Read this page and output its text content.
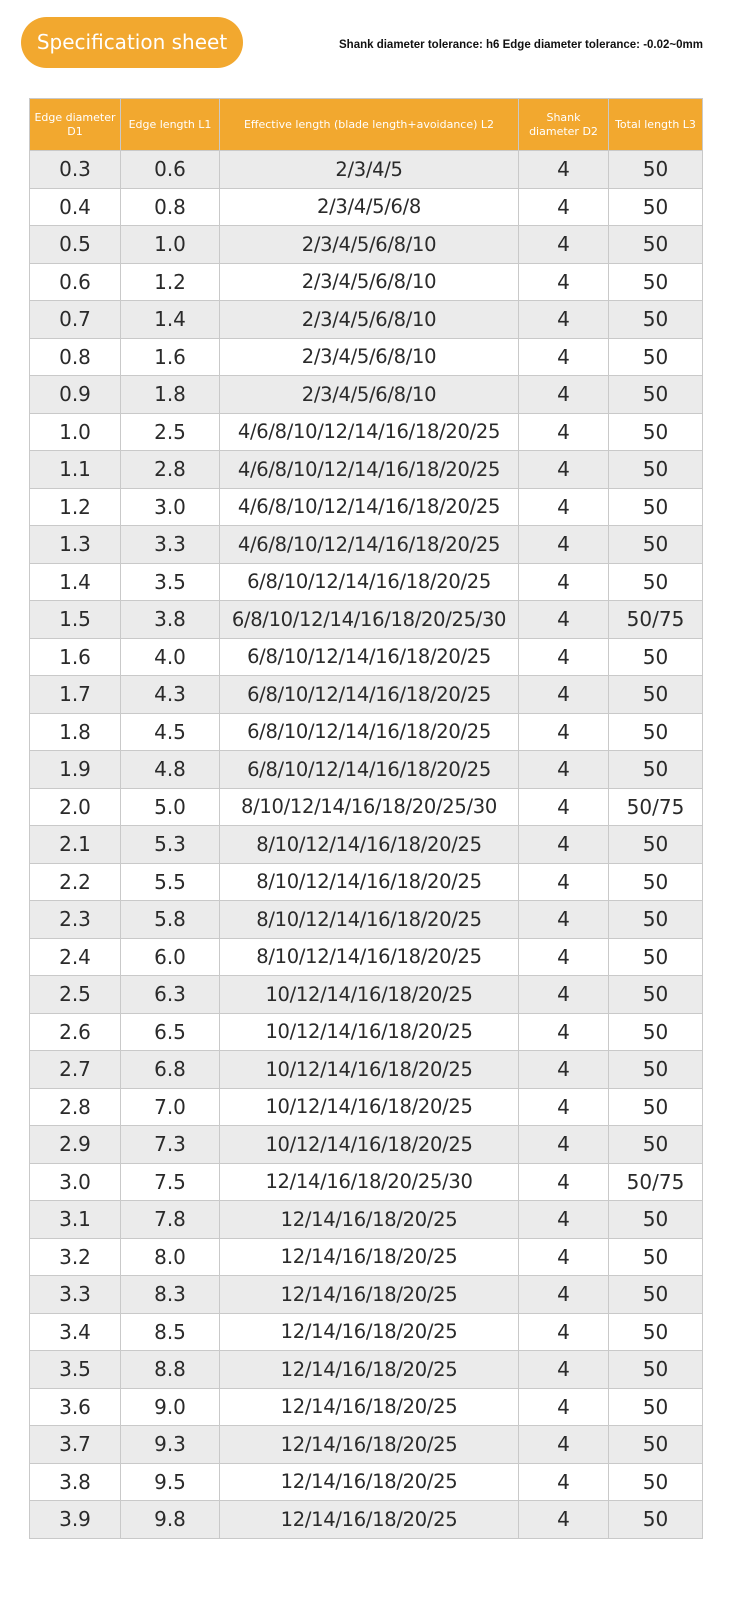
Specification sheet	Shank diameter tolerance: h6 Edge diameter tolerance: -0.02~0mm
Edge diameter D1	Edge length L1	Effective length (blade length+avoidance) L2	Shank diameter D2	Total length L3
0.3	0.6	2/3/4/5	4	50
0.4	0.8	2/3/4/5/6/8	4	50
0.5	1.0	2/3/4/5/6/8/10	4	50
0.6	1.2	2/3/4/5/6/8/10	4	50
0.7	1.4	2/3/4/5/6/8/10	4	50
0.8	1.6	2/3/4/5/6/8/10	4	50
0.9	1.8	2/3/4/5/6/8/10	4	50
1.0	2.5	4/6/8/10/12/14/16/18/20/25	4	50
1.1	2.8	4/6/8/10/12/14/16/18/20/25	4	50
1.2	3.0	4/6/8/10/12/14/16/18/20/25	4	50
1.3	3.3	4/6/8/10/12/14/16/18/20/25	4	50
1.4	3.5	6/8/10/12/14/16/18/20/25	4	50
1.5	3.8	6/8/10/12/14/16/18/20/25/30	4	50/75
1.6	4.0	6/8/10/12/14/16/18/20/25	4	50
1.7	4.3	6/8/10/12/14/16/18/20/25	4	50
1.8	4.5	6/8/10/12/14/16/18/20/25	4	50
1.9	4.8	6/8/10/12/14/16/18/20/25	4	50
2.0	5.0	8/10/12/14/16/18/20/25/30	4	50/75
2.1	5.3	8/10/12/14/16/18/20/25	4	50
2.2	5.5	8/10/12/14/16/18/20/25	4	50
2.3	5.8	8/10/12/14/16/18/20/25	4	50
2.4	6.0	8/10/12/14/16/18/20/25	4	50
2.5	6.3	10/12/14/16/18/20/25	4	50
2.6	6.5	10/12/14/16/18/20/25	4	50
2.7	6.8	10/12/14/16/18/20/25	4	50
2.8	7.0	10/12/14/16/18/20/25	4	50
2.9	7.3	10/12/14/16/18/20/25	4	50
3.0	7.5	12/14/16/18/20/25/30	4	50/75
3.1	7.8	12/14/16/18/20/25	4	50
3.2	8.0	12/14/16/18/20/25	4	50
3.3	8.3	12/14/16/18/20/25	4	50
3.4	8.5	12/14/16/18/20/25	4	50
3.5	8.8	12/14/16/18/20/25	4	50
3.6	9.0	12/14/16/18/20/25	4	50
3.7	9.3	12/14/16/18/20/25	4	50
3.8	9.5	12/14/16/18/20/25	4	50
3.9	9.8	12/14/16/18/20/25	4	50
